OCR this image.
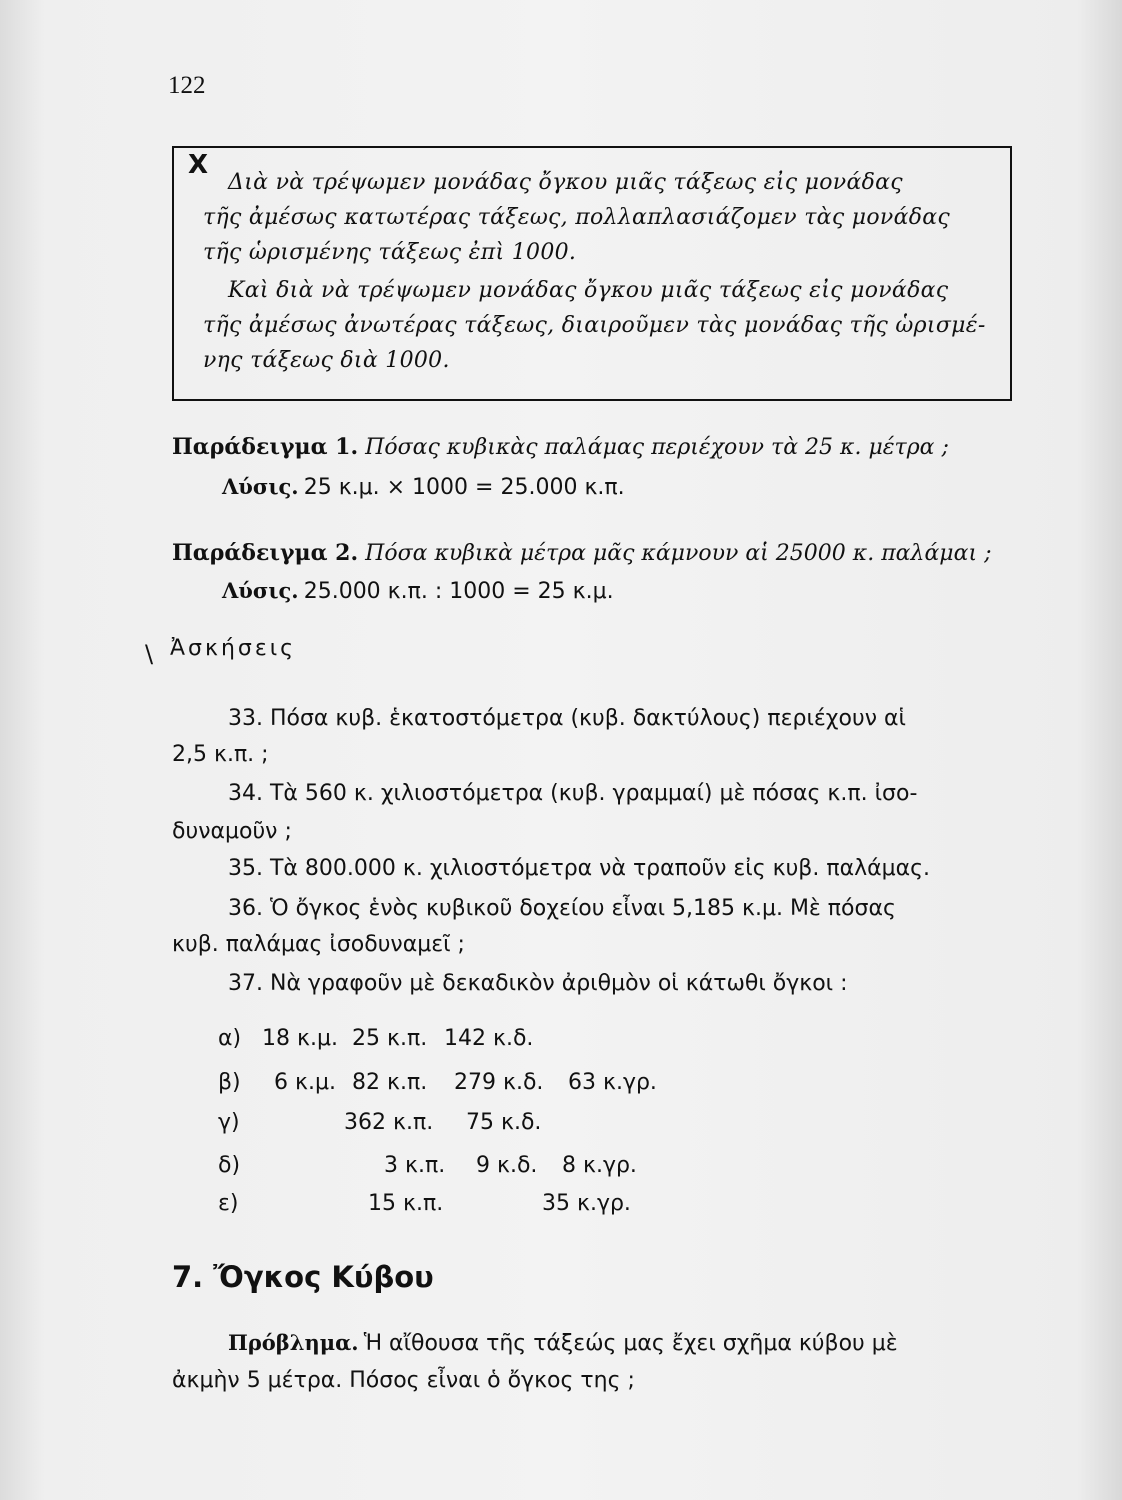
122
X
Διὰ νὰ τρέψωμεν μονάδας ὄγκου μιᾶς τάξεως εἰς μονάδας
τῆς ἀμέσως κατωτέρας τάξεως, πολλαπλασιάζομεν τὰς μονάδας
τῆς ὡρισμένης τάξεως ἐπὶ 1000.
Καὶ διὰ νὰ τρέψωμεν μονάδας ὄγκου μιᾶς τάξεως εἰς μονάδας
τῆς ἀμέσως ἀνωτέρας τάξεως, διαιροῦμεν τὰς μονάδας τῆς ὡρισμέ-
νης τάξεως διὰ 1000.
Παράδειγμα 1. Πόσας κυβικὰς παλάμας περιέχουν τὰ 25 κ. μέτρα ;
Λύσις. 25 κ.μ. × 1000 = 25.000 κ.π.
Παράδειγμα 2. Πόσα κυβικὰ μέτρα μᾶς κάμνουν αἱ 25000 κ. παλάμαι ;
Λύσις. 25.000 κ.π. : 1000 = 25 κ.μ.
\ Ἀσκήσεις
33. Πόσα κυβ. ἑκατοστόμετρα (κυβ. δακτύλους) περιέχουν αἱ
2,5 κ.π. ;
34. Τὰ 560 κ. χιλιοστόμετρα (κυβ. γραμμαί) μὲ πόσας κ.π. ἰσο-
δυναμοῦν ;
35. Τὰ 800.000 κ. χιλιοστόμετρα νὰ τραποῦν εἰς κυβ. παλάμας.
36. Ὁ ὄγκος ἑνὸς κυβικοῦ δοχείου εἶναι 5,185 κ.μ. Μὲ πόσας
κυβ. παλάμας ἰσοδυναμεῖ ;
37. Νὰ γραφοῦν μὲ δεκαδικὸν ἀριθμὸν οἱ κάτωθι ὄγκοι :
α) 18 κ.μ. 25 κ.π. 142 κ.δ.
β) 6 κ.μ. 82 κ.π. 279 κ.δ. 63 κ.γρ.
γ)	362 κ.π. 75 κ.δ.
δ)	3 κ.π. 9 κ.δ. 8 κ.γρ.
ε)	15 κ.π.	35 κ.γρ.
7. Ὄγκος Κύβου
Πρόβλημα. Ἡ αἴθουσα τῆς τάξεώς μας ἔχει σχῆμα κύβου μὲ
ἀκμὴν 5 μέτρα. Πόσος εἶναι ὁ ὄγκος της ;
